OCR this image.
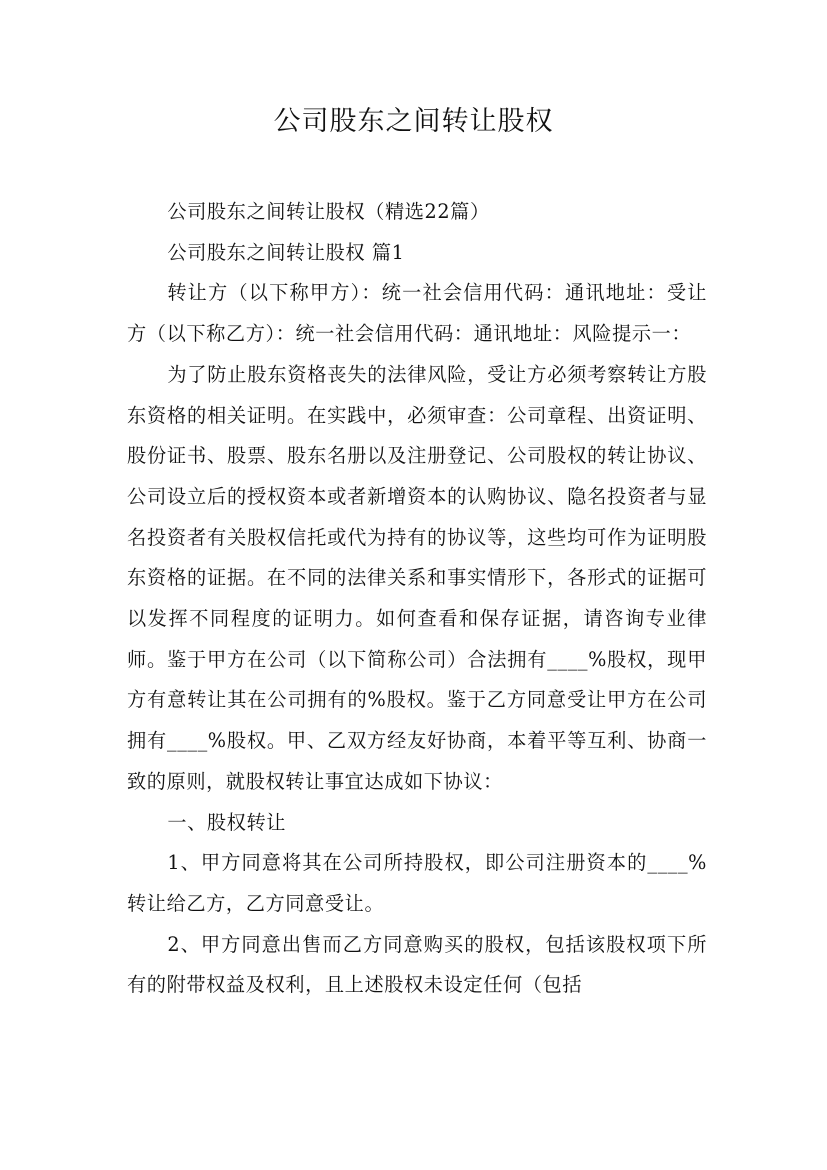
公司股东之间转让股权

公司股东之间转让股权（精选22篇）

公司股东之间转让股权 篇1

转让方（以下称甲方）：统一社会信用代码：通讯地址：受让方（以下称乙方）：统一社会信用代码：通讯地址：风险提示一：

为了防止股东资格丧失的法律风险，受让方必须考察转让方股东资格的相关证明。在实践中，必须审查：公司章程、出资证明、股份证书、股票、股东名册以及注册登记、公司股权的转让协议、公司设立后的授权资本或者新增资本的认购协议、隐名投资者与显名投资者有关股权信托或代为持有的协议等，这些均可作为证明股东资格的证据。在不同的法律关系和事实情形下，各形式的证据可以发挥不同程度的证明力。如何查看和保存证据，请咨询专业律师。鉴于甲方在公司（以下简称公司）合法拥有____%股权，现甲方有意转让其在公司拥有的%股权。鉴于乙方同意受让甲方在公司拥有____%股权。甲、乙双方经友好协商，本着平等互利、协商一致的原则，就股权转让事宜达成如下协议：

一、股权转让

1、甲方同意将其在公司所持股权，即公司注册资本的____%转让给乙方，乙方同意受让。

2、甲方同意出售而乙方同意购买的股权，包括该股权项下所有的附带权益及权利，且上述股权未设定任何（包括
